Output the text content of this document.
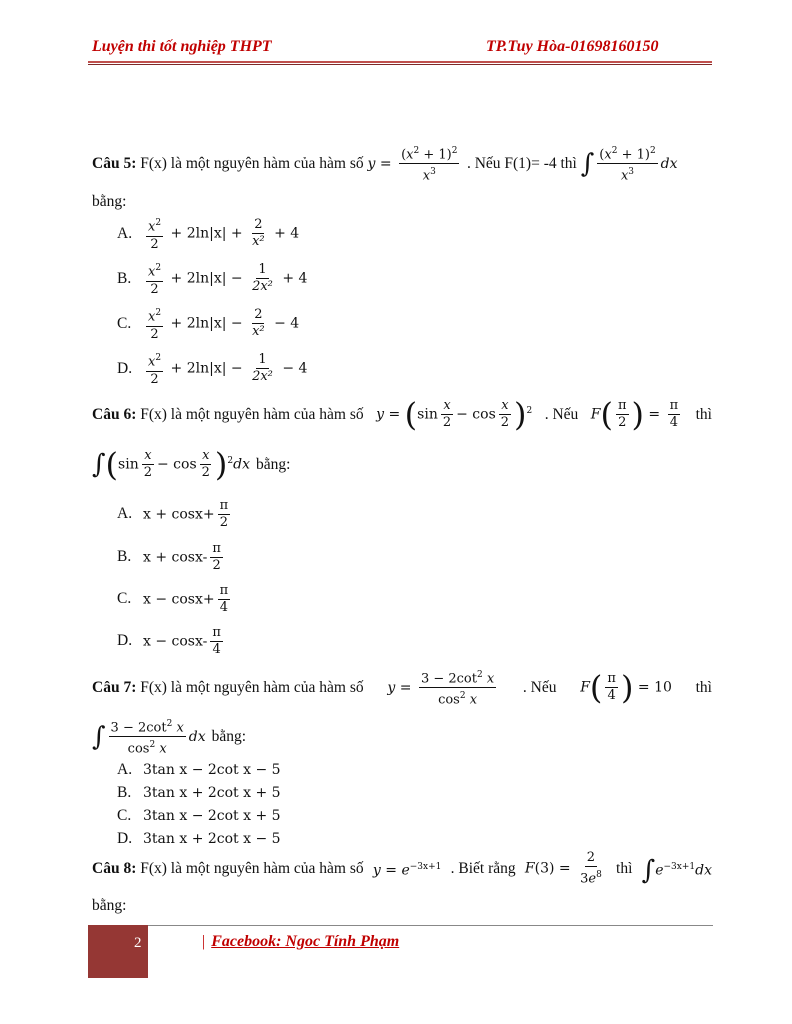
Luyện thi tốt nghiệp THPT	TP.Tuy Hòa-01698160150
Câu 5: F(x) là một nguyên hàm của hàm số $y = \frac{(x^2 + 1)^2}{x^3}$ . Nếu F(1)= -4 thì ∫ $\frac{(x^2 + 1)^2}{x^3}$ dx
bằng:
A.	$\frac{x^2}{2} + 2\ln|x| + \frac{2}{\text{x²}} + 4$
B.	$\frac{x^2}{2} + 2\ln|x| - \frac{1}{\text{2x²}} + 4$
C.	$\frac{x^2}{2} + 2\ln|x| - \frac{2}{\text{x²}} - 4$
D.	$\frac{x^2}{2} + 2\ln|x| - \frac{1}{\text{2x²}} - 4$
Câu 6: F(x) là một nguyên hàm của hàm số $y = (\sin \frac{x}{2} - \cos \frac{x}{2} )^2$ . Nếu $F( \frac{\pi}{2}$ ) = $\frac{\pi}{4}$ thì
$\int(\sin \frac{x}{2} - \cos \frac{x}{2} )^2dx$ bằng:
A. $x + \cos x+ \frac{\pi}{2}$
B. $x + \cos x- \frac{\pi}{2}$
C. $x - \cos x+ \frac{\pi}{4}$
D. $x - \cos x- \frac{\pi}{4}$
Câu 7: F(x) là một nguyên hàm của hàm số $y = \frac{3 - 2\cot^2 x}{\cos^2 x}$ . Nếu $F( \frac{\pi}{4}$ ) = 10 thì
∫ $\frac{3 - 2\cot^2 x}{\cos^2 x}$ dx bằng:
A. 3tan x − 2cot x − 5
B. 3tan x + 2cot x + 5
C. 3tan x − 2cot x + 5
D. 3tan x + 2cot x − 5
Câu 8: F(x) là một nguyên hàm của hàm số $y = e^{-3x+1}$ . Biết rằng $F(3) = \frac{2}{3e^8}$ thì $\int e^{-3x+1}dx$
bằng:
2	| Facebook: Ngoc Tính Phạm
